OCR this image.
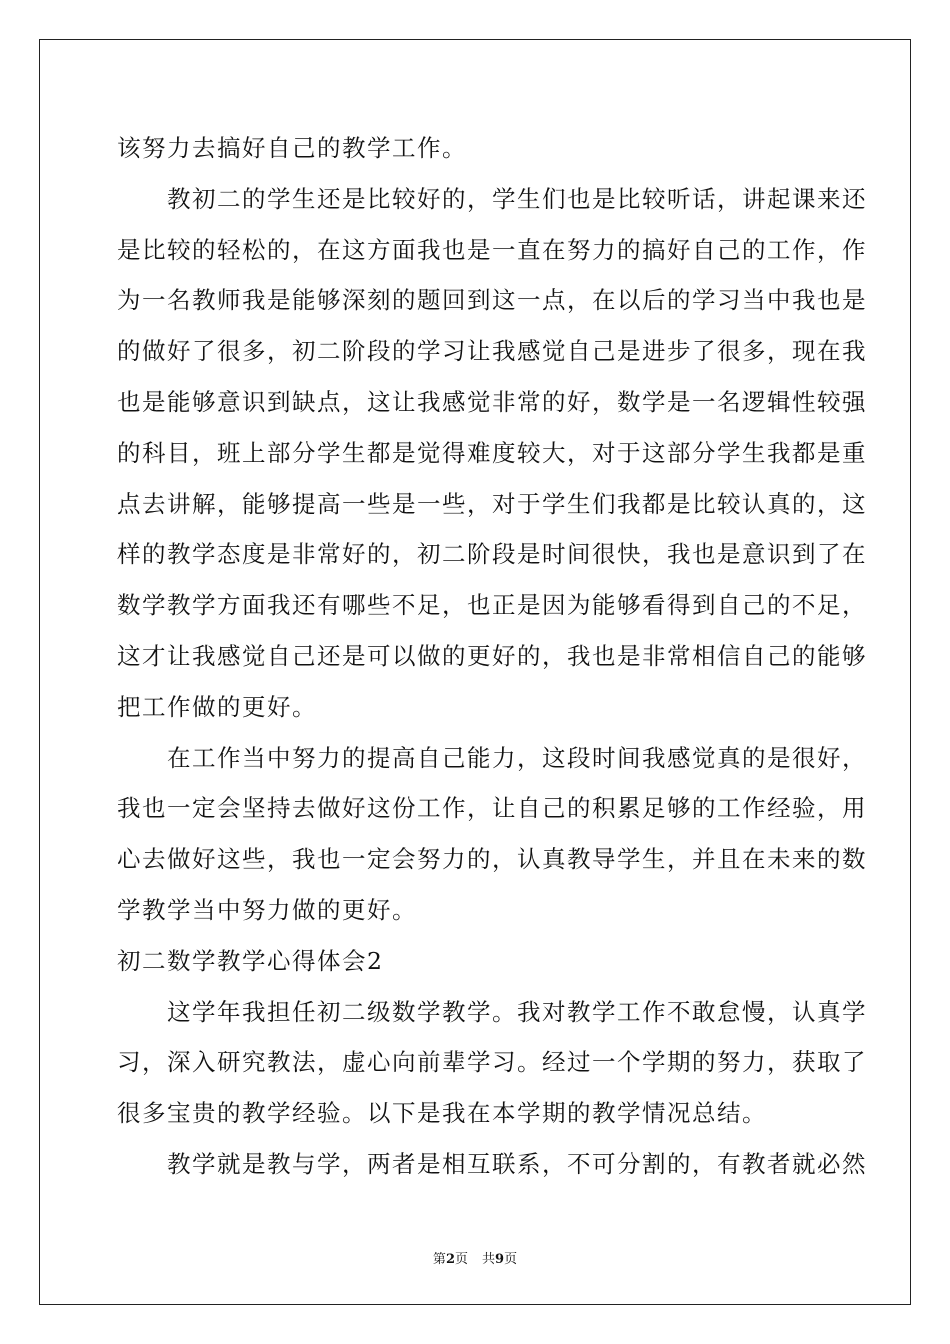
该努力去搞好自己的教学工作。
　　教初二的学生还是比较好的，学生们也是比较听话，讲起课来还
是比较的轻松的，在这方面我也是一直在努力的搞好自己的工作，作
为一名教师我是能够深刻的题回到这一点，在以后的学习当中我也是
的做好了很多，初二阶段的学习让我感觉自己是进步了很多，现在我
也是能够意识到缺点，这让我感觉非常的好，数学是一名逻辑性较强
的科目，班上部分学生都是觉得难度较大，对于这部分学生我都是重
点去讲解，能够提高一些是一些，对于学生们我都是比较认真的，这
样的教学态度是非常好的，初二阶段是时间很快，我也是意识到了在
数学教学方面我还有哪些不足，也正是因为能够看得到自己的不足，
这才让我感觉自己还是可以做的更好的，我也是非常相信自己的能够
把工作做的更好。
　　在工作当中努力的提高自己能力，这段时间我感觉真的是很好，
我也一定会坚持去做好这份工作，让自己的积累足够的工作经验，用
心去做好这些，我也一定会努力的，认真教导学生，并且在未来的数
学教学当中努力做的更好。
初二数学教学心得体会2
　　这学年我担任初二级数学教学。我对教学工作不敢怠慢，认真学
习，深入研究教法，虚心向前辈学习。经过一个学期的努力，获取了
很多宝贵的教学经验。以下是我在本学期的教学情况总结。
　　教学就是教与学，两者是相互联系，不可分割的，有教者就必然
第2页 共9页
